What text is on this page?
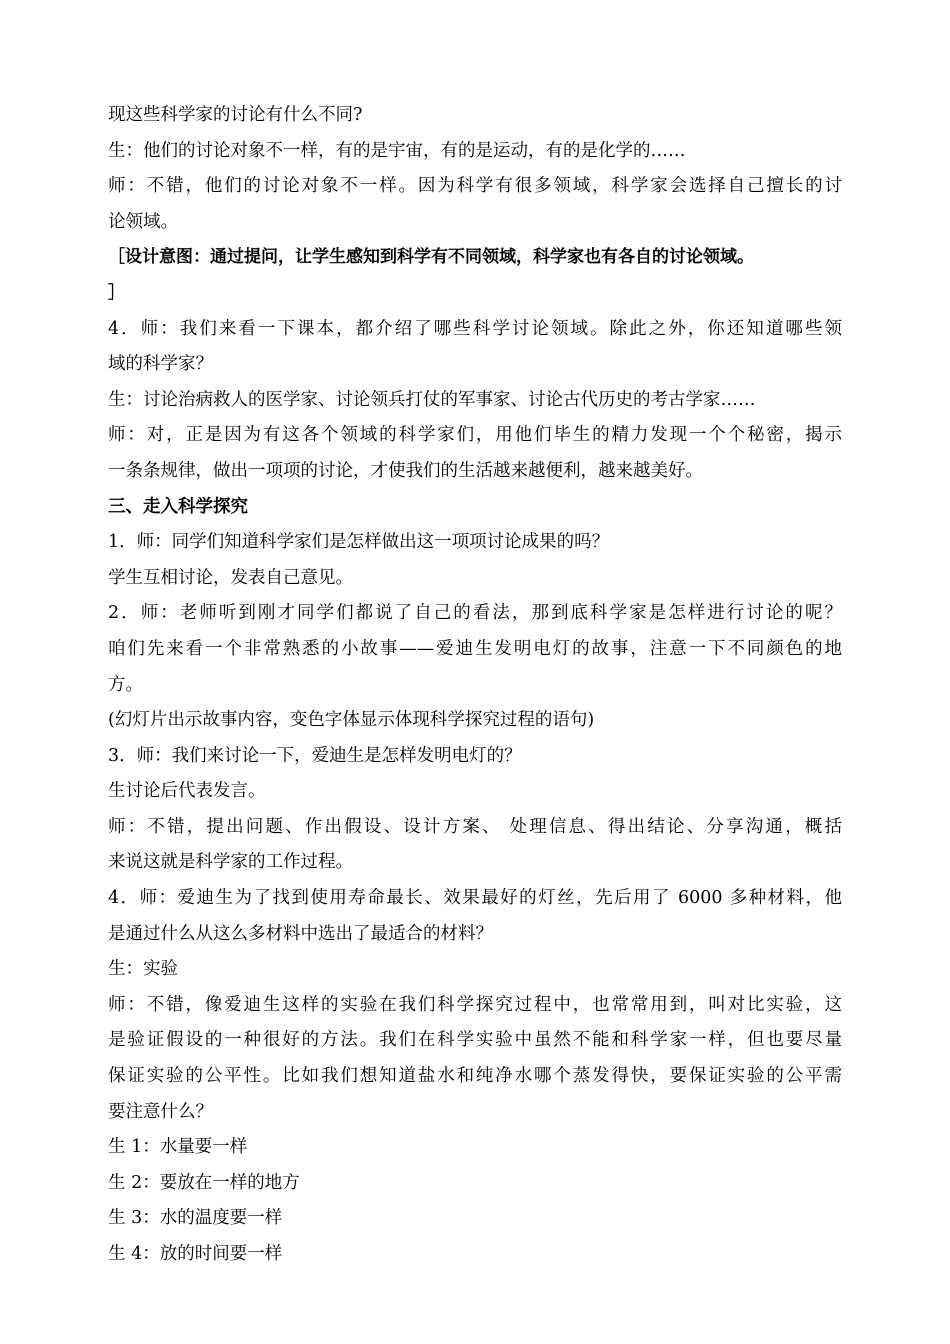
现这些科学家的讨论有什么不同?
生：他们的讨论对象不一样，有的是宇宙，有的是运动，有的是化学的……
师：不错，他们的讨论对象不一样。因为科学有很多领域，科学家会选择自己擅长的讨
论领域。
［设计意图：通过提问，让学生感知到科学有不同领域，科学家也有各自的讨论领域。
］
4．师：我们来看一下课本，都介绍了哪些科学讨论领域。除此之外，你还知道哪些领
域的科学家？
生：讨论治病救人的医学家、讨论领兵打仗的军事家、讨论古代历史的考古学家……
师：对，正是因为有这各个领域的科学家们，用他们毕生的精力发现一个个秘密，揭示
一条条规律，做出一项项的讨论，才使我们的生活越来越便利，越来越美好。
三、走入科学探究
1．师：同学们知道科学家们是怎样做出这一项项讨论成果的吗？
学生互相讨论，发表自己意见。
2．师：老师听到刚才同学们都说了自己的看法，那到底科学家是怎样进行讨论的呢？
咱们先来看一个非常熟悉的小故事——爱迪生发明电灯的故事，注意一下不同颜色的地
方。
(幻灯片出示故事内容，变色字体显示体现科学探究过程的语句)
3．师：我们来讨论一下，爱迪生是怎样发明电灯的？
生讨论后代表发言。
师：不错，提出问题、作出假设、设计方案、 处理信息、得出结论、分享沟通，概括
来说这就是科学家的工作过程。
4．师：爱迪生为了找到使用寿命最长、效果最好的灯丝，先后用了 6000 多种材料，他
是通过什么从这么多材料中选出了最适合的材料？
生：实验
师：不错，像爱迪生这样的实验在我们科学探究过程中，也常常用到，叫对比实验，这
是验证假设的一种很好的方法。我们在科学实验中虽然不能和科学家一样，但也要尽量
保证实验的公平性。比如我们想知道盐水和纯净水哪个蒸发得快，要保证实验的公平需
要注意什么？
生 1：水量要一样
生 2：要放在一样的地方
生 3：水的温度要一样
生 4：放的时间要一样
